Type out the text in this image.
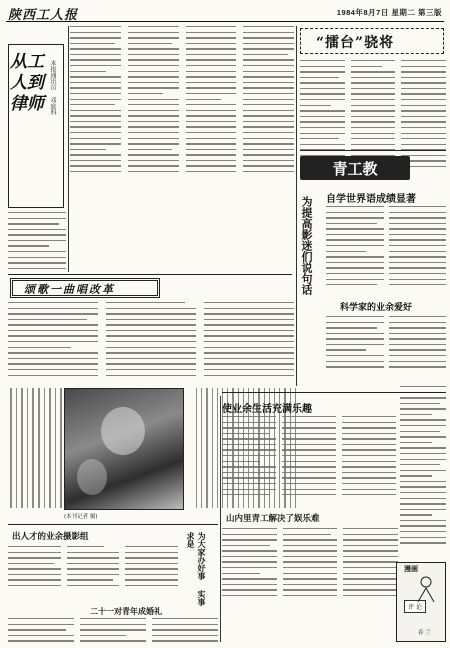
陕西工人报	1984年8月7日 星期二 第三版
从工人到律师 本报通讯员 邓庭科
“擂台”骁将
青工教
自学世界语成绩显著
为提高影迷们说句话
科学家的业余爱好
颂歌一曲唱改革
(本刊记者 摄)
使业余生活充满乐趣
山内里青工解决了娱乐难
出人才的业余摄影组	为大家办好事 实事求是
二十一对青年成婚礼
漫画
评 论
春 兰
